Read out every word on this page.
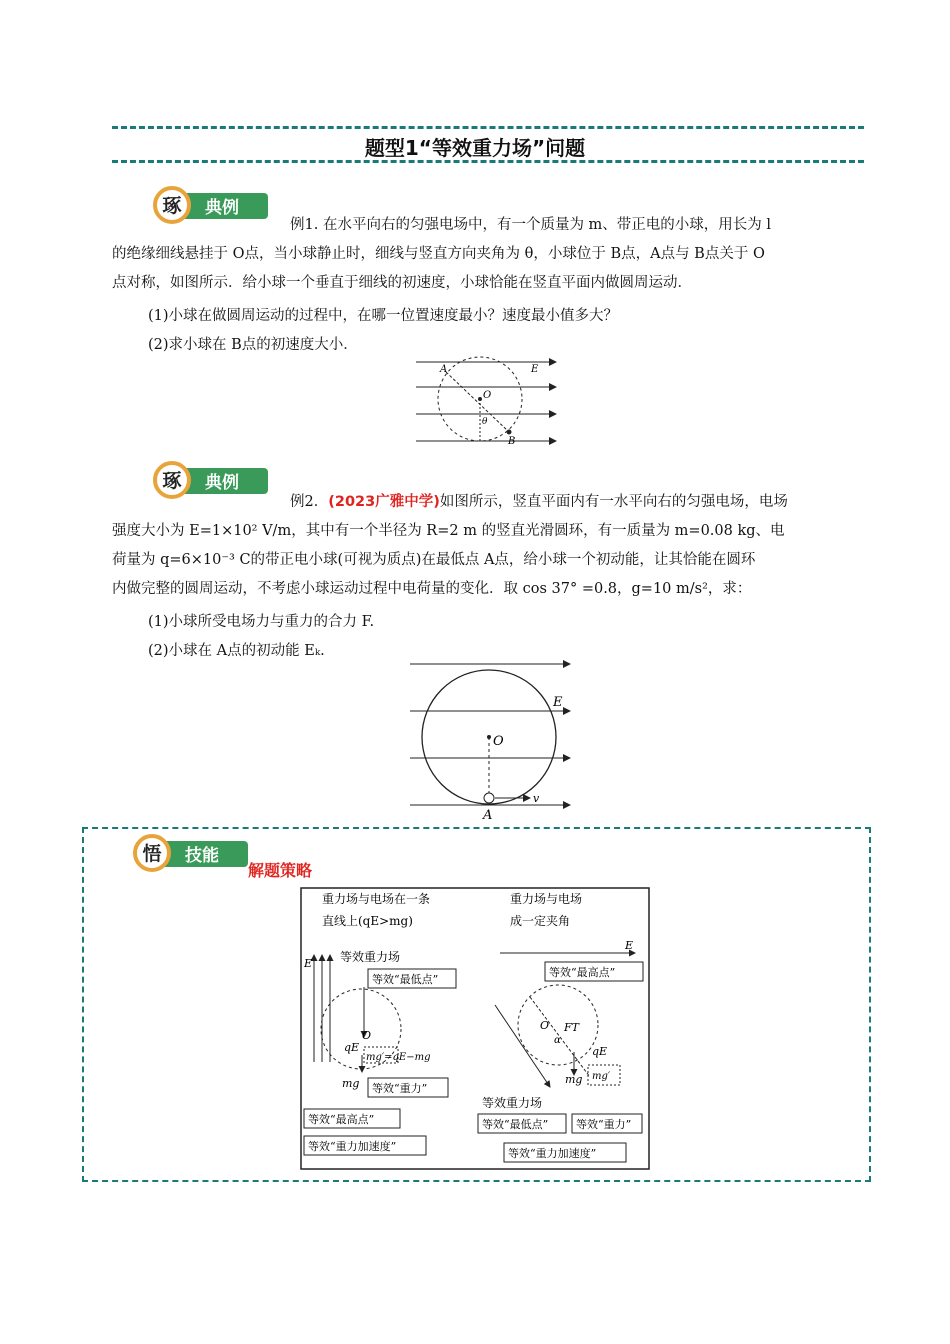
题型1“等效重力场”问题
琢 典例
例1. 在水平向右的匀强电场中，有一个质量为 m、带正电的小球，用长为 l
的绝缘细线悬挂于 O点，当小球静止时，细线与竖直方向夹角为 θ，小球位于 B点，A点与 B点关于 O
点对称，如图所示．给小球一个垂直于细线的初速度，小球恰能在竖直平面内做圆周运动．
(1)小球在做圆周运动的过程中，在哪一位置速度最小？速度最小值多大？
(2)求小球在 B点的初速度大小．
A
O
B
E
θ
琢 典例
例2．(2023广雅中学)如图所示，竖直平面内有一水平向右的匀强电场，电场
强度大小为 E=1×10² V/m，其中有一个半径为 R=2 m 的竖直光滑圆环，有一质量为 m=0.08 kg、电
荷量为 q=6×10⁻³ C的带正电小球(可视为质点)在最低点 A点，给小球一个初动能，让其恰能在圆环
内做完整的圆周运动，不考虑小球运动过程中电荷量的变化．取 cos 37° =0.8，g=10 m/s²，求：
(1)小球所受电场力与重力的合力 F.
(2)小球在 A点的初动能 Eₖ.
O
E
A
v
悟 技能
解题策略
重力场与电场在一条
直线上(qE>mg)
E 等效重力场
等效“最低点”
O
qE
mg′=qE−mg
mg 等效“重力”
等效“最高点”
等效“重力加速度”
重力场与电场
成一定夹角
E
等效“最高点”
O FT
α
qE
mg mg′
等效重力场
等效“最低点”	等效“重力”
等效“重力加速度”
